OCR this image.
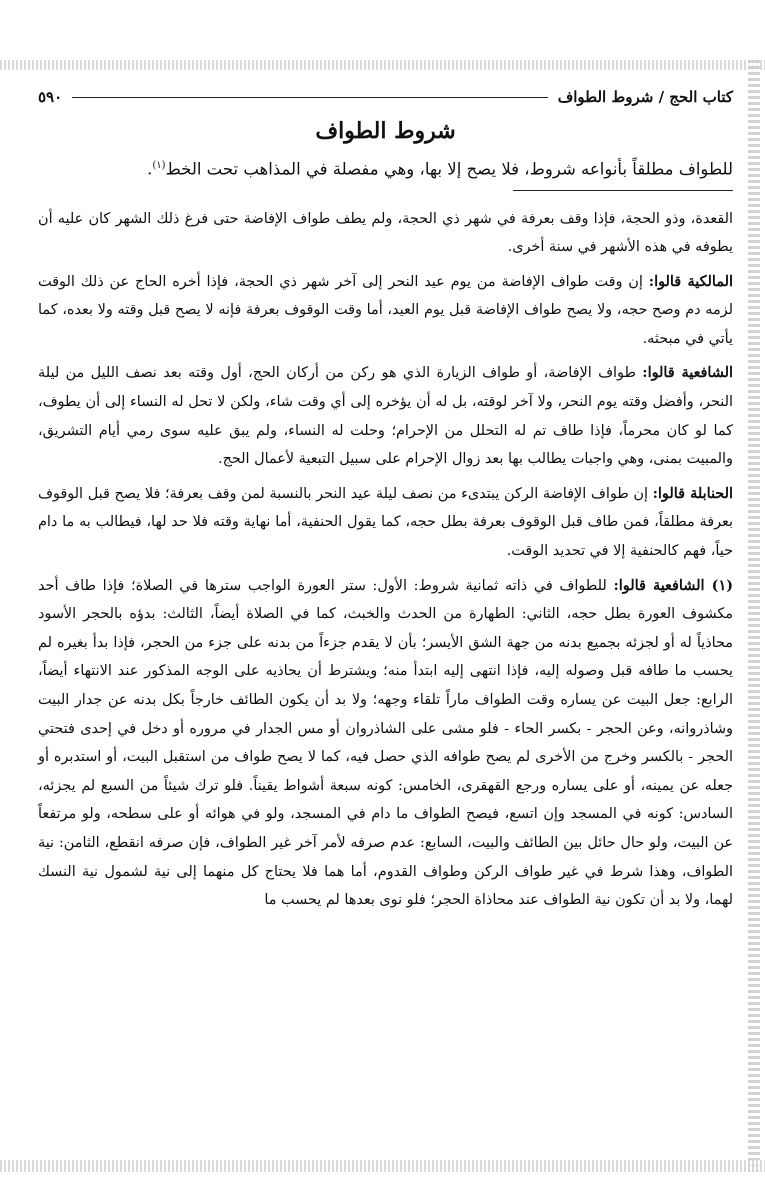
كتاب الحج / شروط الطواف
٥٩٠
شروط الطواف

للطواف مطلقاً بأنواعه شروط، فلا يصح إلا بها، وهي مفصلة في المذاهب تحت الخط$^{(١)}$.

القعدة، وذو الحجة، فإذا وقف بعرفة في شهر ذي الحجة، ولم يطف طواف الإفاضة حتى فرغ ذلك الشهر كان عليه أن يطوفه في هذه الأشهر في سنة أخرى.

المالكية قالوا: إن وقت طواف الإفاضة من يوم عيد النحر إلى آخر شهر ذي الحجة، فإذا أخره الحاج عن ذلك الوقت لزمه دم وصح حجه، ولا يصح طواف الإفاضة قبل يوم العيد، أما وقت الوقوف بعرفة فإنه لا يصح قبل وقته ولا بعده، كما يأتي في مبحثه.

الشافعية قالوا: طواف الإفاضة، أو طواف الزيارة الذي هو ركن من أركان الحج، أول وقته بعد نصف الليل من ليلة النحر، وأفضل وقته يوم النحر، ولا آخر لوقته، بل له أن يؤخره إلى أي وقت شاء، ولكن لا تحل له النساء إلى أن يطوف، كما لو كان محرماً، فإذا طاف تم له التحلل من الإحرام؛ وحلت له النساء، ولم يبق عليه سوى رمي أيام التشريق، والمبيت بمنى، وهي واجبات يطالب بها بعد زوال الإحرام على سبيل التبعية لأعمال الحج.

الحنابلة قالوا: إن طواف الإفاضة الركن يبتدىء من نصف ليلة عيد النحر بالنسبة لمن وقف بعرفة؛ فلا يصح قبل الوقوف بعرفة مطلقاً، فمن طاف قبل الوقوف بعرفة بطل حجه، كما يقول الحنفية، أما نهاية وقته فلا حد لها، فيطالب به ما دام حياً، فهم كالحنفية إلا في تحديد الوقت.

(١) الشافعية قالوا: للطواف في ذاته ثمانية شروط: الأول: ستر العورة الواجب سترها في الصلاة؛ فإذا طاف أحد مكشوف العورة بطل حجه، الثاني: الطهارة من الحدث والخبث، كما في الصلاة أيضاً، الثالث: بدؤه بالحجر الأسود محاذياً له أو لجزئه بجميع بدنه من جهة الشق الأيسر؛ بأن لا يقدم جزءاً من بدنه على جزء من الحجر، فإذا بدأ بغيره لم يحسب ما طافه قبل وصوله إليه، فإذا انتهى إليه ابتدأ منه؛ ويشترط أن يحاذيه على الوجه المذكور عند الانتهاء أيضاً، الرابع: جعل البيت عن يساره وقت الطواف ماراً تلقاء وجهه؛ ولا بد أن يكون الطائف خارجاً بكل بدنه عن جدار البيت وشاذروانه، وعن الحجر - بكسر الحاء - فلو مشى على الشاذروان أو مس الجدار في مروره أو دخل في إحدى فتحتي الحجر - بالكسر وخرج من الأخرى لم يصح طوافه الذي حصل فيه، كما لا يصح طواف من استقبل البيت، أو استدبره أو جعله عن يمينه، أو على يساره ورجع القهقرى، الخامس: كونه سبعة أشواط يقيناً. فلو ترك شيئاً من السبع لم يجزئه، السادس: كونه في المسجد وإن اتسع، فيصح الطواف ما دام في المسجد، ولو في هوائه أو على سطحه، ولو مرتفعاً عن البيت، ولو حال حائل بين الطائف والبيت، السابع: عدم صرفه لأمر آخر غير الطواف، فإن صرفه انقطع، الثامن: نية الطواف، وهذا شرط في غير طواف الركن وطواف القدوم، أما هما فلا يحتاج كل منهما إلى نية لشمول نية النسك لهما، ولا بد أن تكون نية الطواف عند محاذاة الحجر؛ فلو نوى بعدها لم يحسب ما
